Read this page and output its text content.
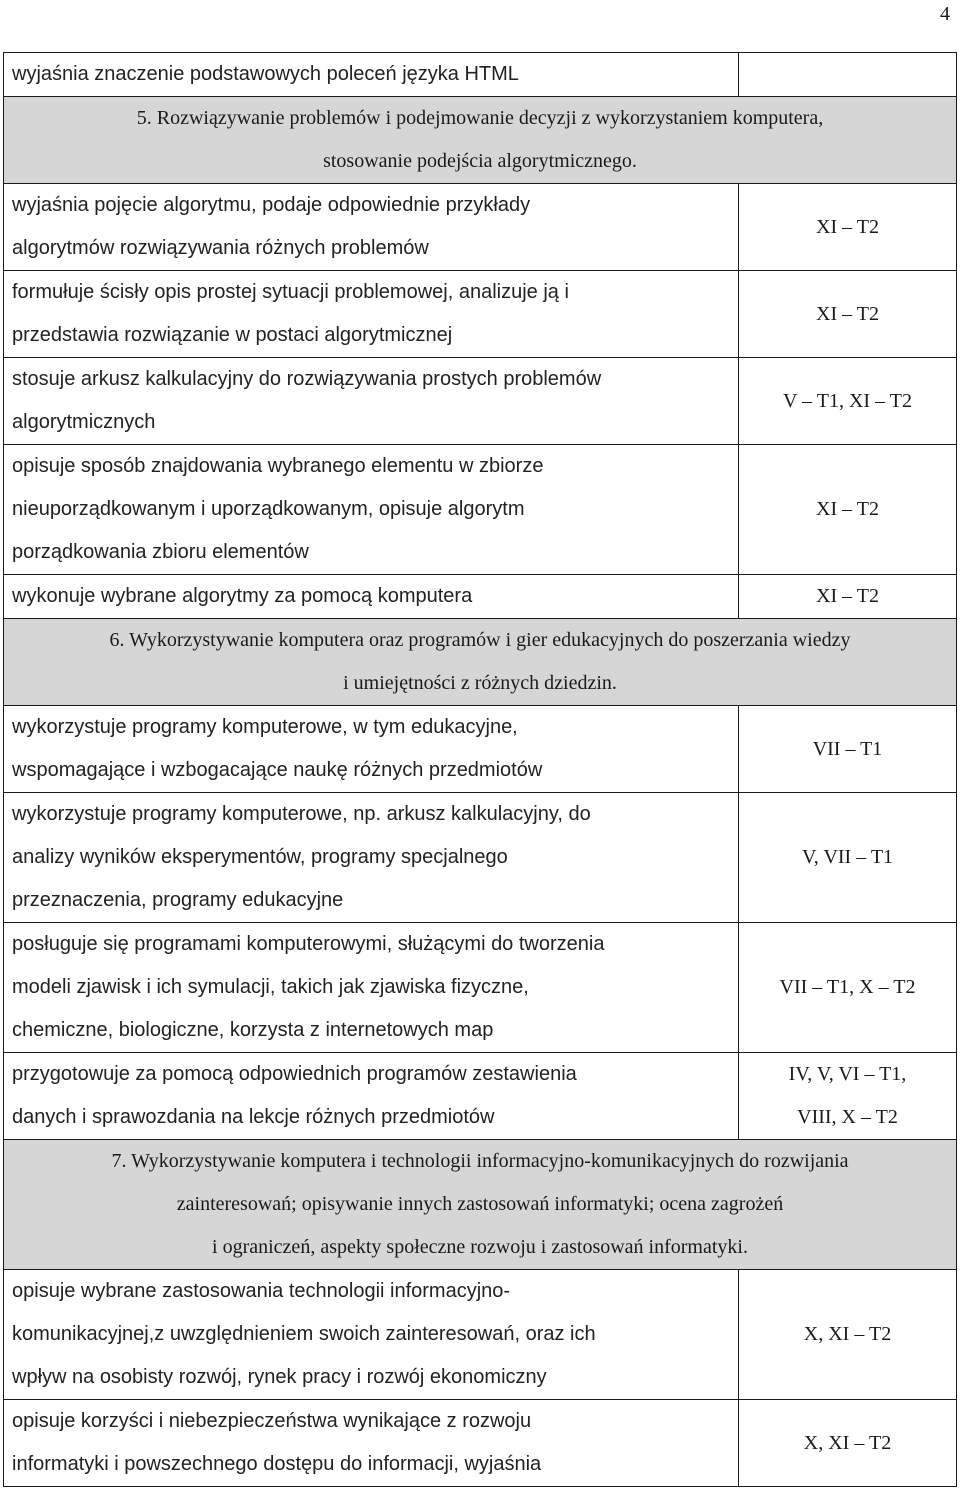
4
wyjaśnia znaczenie podstawowych poleceń języka HTML	
5. Rozwiązywanie problemów i podejmowanie decyzji z wykorzystaniem komputera,
stosowanie podejścia algorytmicznego.	
wyjaśnia pojęcie algorytmu, podaje odpowiednie przykłady
algorytmów rozwiązywania różnych problemów	XI – T2
formułuje ścisły opis prostej sytuacji problemowej, analizuje ją i
przedstawia rozwiązanie w postaci algorytmicznej	XI – T2
stosuje arkusz kalkulacyjny do rozwiązywania prostych problemów
algorytmicznych	V – T1, XI – T2
opisuje sposób znajdowania wybranego elementu w zbiorze
nieuporządkowanym i uporządkowanym, opisuje algorytm
porządkowania zbioru elementów	XI – T2
wykonuje wybrane algorytmy za pomocą komputera	XI – T2
6. Wykorzystywanie komputera oraz programów i gier edukacyjnych do poszerzania wiedzy
i umiejętności z różnych dziedzin.	
wykorzystuje programy komputerowe, w tym edukacyjne,
wspomagające i wzbogacające naukę różnych przedmiotów	VII – T1
wykorzystuje programy komputerowe, np. arkusz kalkulacyjny, do
analizy wyników eksperymentów, programy specjalnego
przeznaczenia, programy edukacyjne	V, VII – T1
posługuje się programami komputerowymi, służącymi do tworzenia
modeli zjawisk i ich symulacji, takich jak zjawiska fizyczne,
chemiczne, biologiczne, korzysta z internetowych map	VII – T1, X – T2
przygotowuje za pomocą odpowiednich programów zestawienia
danych i sprawozdania na lekcje różnych przedmiotów	IV, V, VI – T1,
VIII, X – T2
7. Wykorzystywanie komputera i technologii informacyjno-komunikacyjnych do rozwijania
zainteresowań; opisywanie innych zastosowań informatyki; ocena zagrożeń
i ograniczeń, aspekty społeczne rozwoju i zastosowań informatyki.	
opisuje wybrane zastosowania technologii informacyjno-
komunikacyjnej,z uwzględnieniem swoich zainteresowań, oraz ich
wpływ na osobisty rozwój, rynek pracy i rozwój ekonomiczny	X, XI – T2
opisuje korzyści i niebezpieczeństwa wynikające z rozwoju
informatyki i powszechnego dostępu do informacji, wyjaśnia	X, XI – T2
